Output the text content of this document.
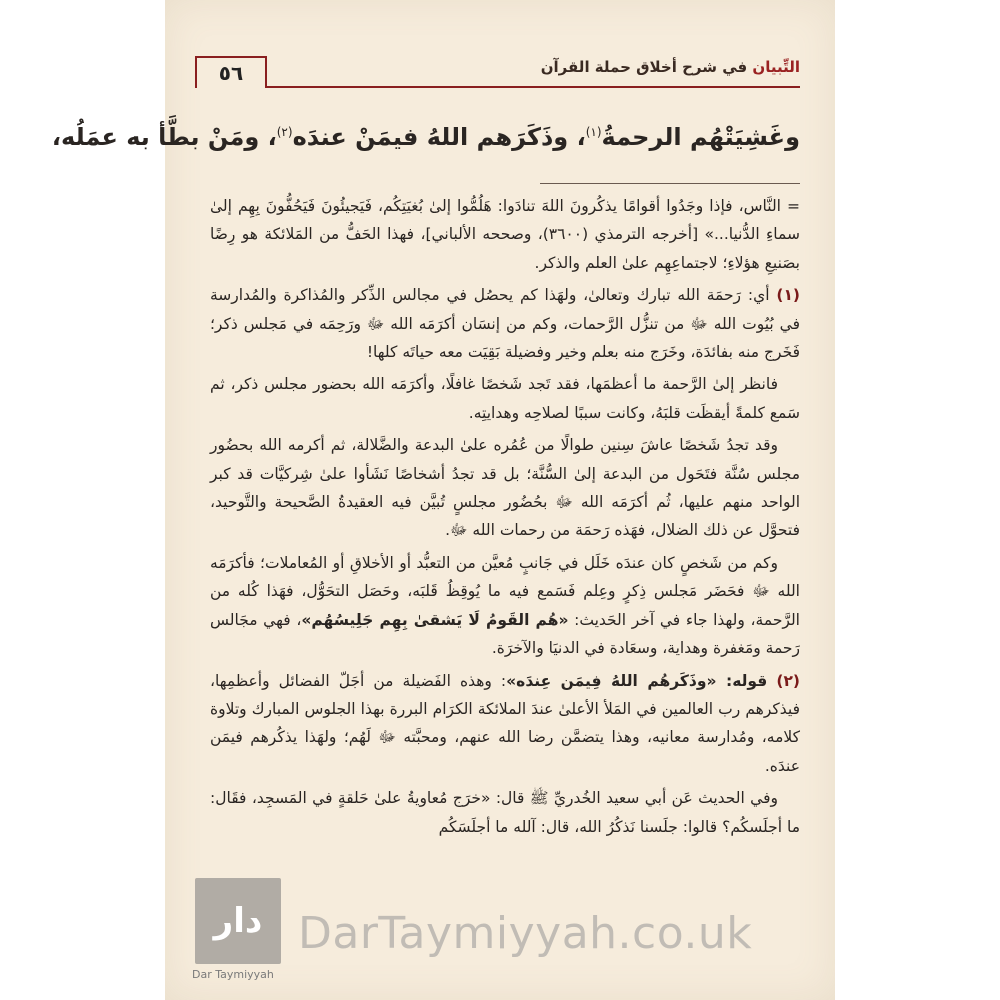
٥٦	التِّبيان في شرح أخلاق حملة القرآن
وغَشِيَتْهُم الرحمةُ$^{(١)}$، وذَكَرَهم اللهُ فيمَنْ عندَه$^{(٢)}$، ومَنْ بطَّأ به عمَلُه،

= النَّاس، فإذا وجَدُوا أقوامًا يذكُرونَ اللهَ تنادَوا: هَلُمُّوا إلىٰ بُغيَتِكُم، فَيَجيئُونَ فَيَحُفُّونَ بِهِم إلىٰ سماءِ الدُّنيا...» [أخرجه الترمذي (٣٦٠٠)، وصححه الألباني]، فهذا الحَفُّ من المَلائكة هو رِضًا بصَنيعِ هؤلاءِ؛ لاجتماعِهِم علىٰ العلم والذكر.

(١) أي: رَحمَة الله تبارك وتعالىٰ، ولهَذا كم يحصُل في مجالس الذِّكر والمُذاكرة والمُدارسة في بُيُوت الله ﷻ من تنزُّل الرَّحمات، وكم من إنسَان أكرَمَه الله ﷻ ورَحِمَه في مَجلس ذكر؛ فَخَرج منه بفائدَة، وخَرَج منه بعلم وخير وفضيلة بَقِيَت معه حياتَه كلها!

فانظر إلىٰ الرَّحمة ما أعظمَها، فقد تَجد شَخصًا غافلًا، وأكرَمَه الله بحضور مجلس ذكر، ثم سَمع كلمةً أيقظَت قلبَهُ، وكانت سببًا لصلاحِه وهدايتِه.

وقد تجدُ شَخصًا عاشَ سِنين طوالًا من عُمُره علىٰ البدعة والضَّلالة، ثم أكرمه الله بحضُور مجلس سُنَّة فتَحَول من البدعة إلىٰ السُّنَّة؛ بل قد تجدُ أشخاصًا نَشَأوا علىٰ شِركيَّات قد كبر الواحد منهم عليها، ثُم أكرَمَه الله ﷻ بحُضُور مجلسٍ تُبيَّن فيه العقيدةُ الصَّحيحة والتَّوحيد، فتحوَّل عن ذلك الضلال، فهَذه رَحمَة من رحمات الله ﷻ.

وكم من شَخصٍ كان عندَه خَلَل في جَانبٍ مُعيَّن من التعبُّد أو الأخلاقِ أو المُعاملات؛ فأكرَمَه الله ﷻ فحَضَر مَجلس ذِكرٍ وعِلم فَسَمع فيه ما يُوقِظُ قَلبَه، وحَصَل التحَوُّل، فهَذا كُله من الرَّحمة، ولهذا جاء في آخر الحَديث: «هُم القَومُ لَا يَشقىٰ بِهِم جَلِيسُهُم»، فهي مجَالس رَحمة ومَغفرة وهداية، وسعَادة في الدنيَا والآخرَة.

(٢) قوله: «وذَكَرهُم اللهُ فِيمَن عِندَه»: وهذه الفَضيلة من أجَلّ الفضائل وأعظمِها، فيذكرهم رب العالمين في المَلأ الأعلىٰ عندَ الملائكة الكرَام البررة بهذا الجلوس المبارك وتلاوة كلامه، ومُدارسة معانيه، وهذا يتضمَّن رضا الله عنهم، ومحبَّته ﷻ لَهُم؛ ولهَذا يذكُرهم فيمَن عندَه.

وفي الحديث عَن أبي سعيد الخُدريِّ ﷺ قال: «خرَج مُعاويةُ علىٰ حَلقةٍ في المَسجِد، فقَال: ما أجلَسكُم؟ قالوا: جلَسنا نَذكُرُ الله، قال: آلله ما أجلَسَكُم

دار
Dar Taymiyyah
DarTaymiyyah.co.uk
